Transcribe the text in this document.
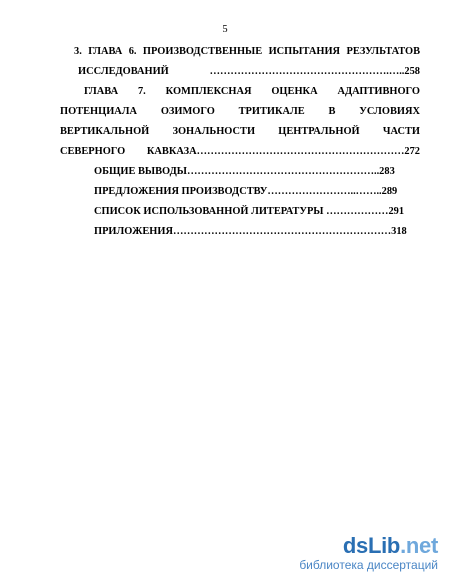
5
3. ГЛАВА 6. ПРОИЗВОДСТВЕННЫЕ ИСПЫТАНИЯ РЕЗУЛЬТАТОВ
ИССЛЕДОВАНИЙ …………………………………………….…..258
ГЛАВА 7. КОМПЛЕКСНАЯ ОЦЕНКА АДАПТИВНОГО ПОТЕНЦИАЛА ОЗИМОГО ТРИТИКАЛЕ В УСЛОВИЯХ ВЕРТИКАЛЬНОЙ ЗОНАЛЬНОСТИ ЦЕНТРАЛЬНОЙ ЧАСТИ СЕВЕРНОГО КАВКАЗА……………………………………………………272
ОБЩИЕ ВЫВОДЫ………………………………………………..283
ПРЕДЛОЖЕНИЯ ПРОИЗВОДСТВУ……………………..……..289
СПИСОК ИСПОЛЬЗОВАННОЙ ЛИТЕРАТУРЫ ………………291
ПРИЛОЖЕНИЯ………………………………………………………318
dsLib.net
библиотека диссертаций
